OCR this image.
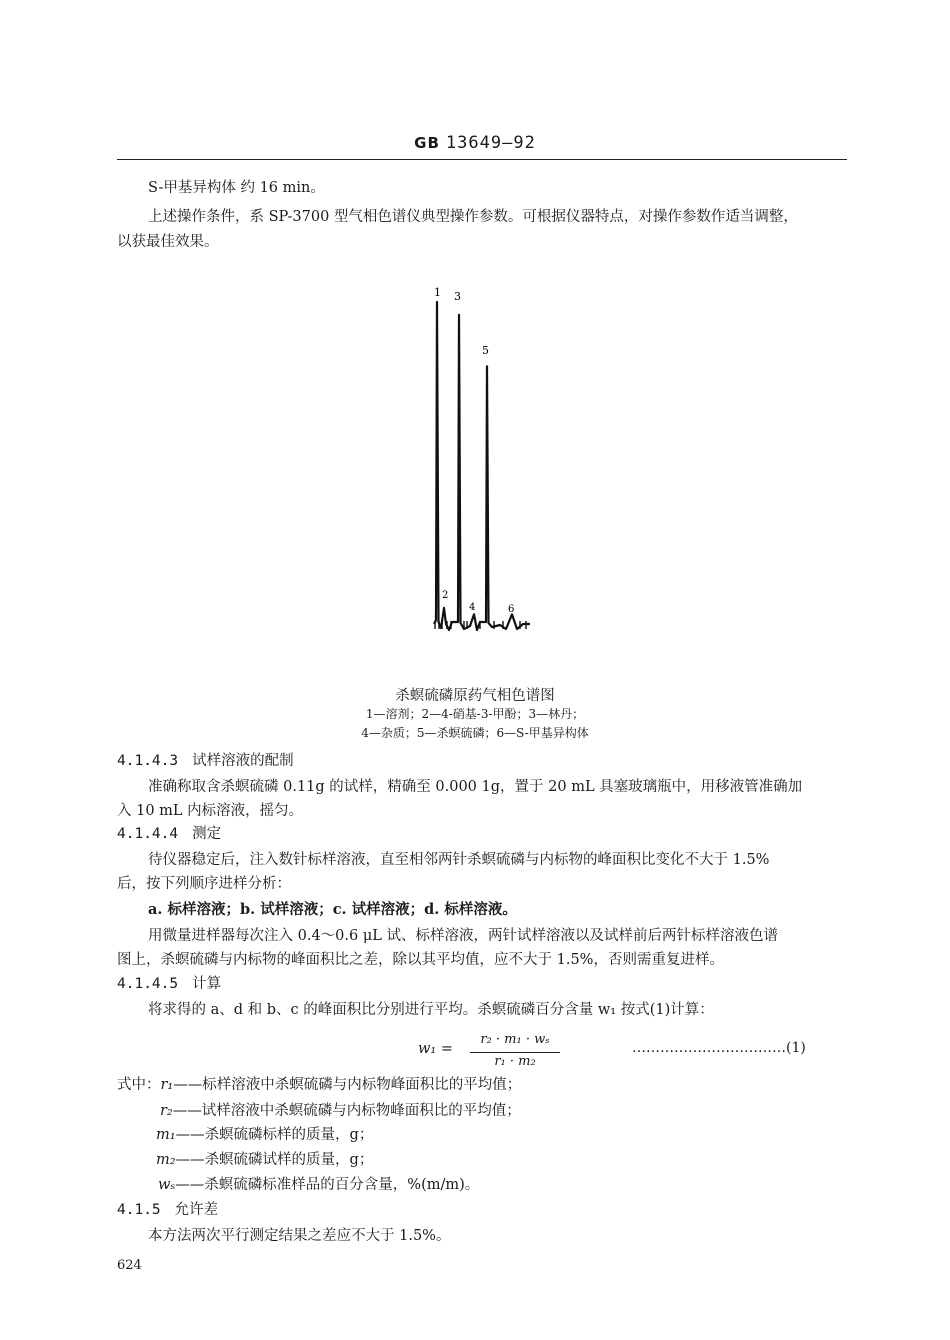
GB 13649—92
S-甲基异构体 约 16 min。
上述操作条件，系 SP-3700 型气相色谱仪典型操作参数。可根据仪器特点，对操作参数作适当调整，
以获最佳效果。
1 3
5
2
4	6
杀螟硫磷原药气相色谱图
1—溶剂；2—4-硝基-3-甲酚；3—林丹；
4—杂质；5—杀螟硫磷；6—S-甲基异构体
4.1.4.3 试样溶液的配制
准确称取含杀螟硫磷 0.11g 的试样，精确至 0.000 1g，置于 20 mL 具塞玻璃瓶中，用移液管准确加
入 10 mL 内标溶液，摇匀。
4.1.4.4 测定
待仪器稳定后，注入数针标样溶液，直至相邻两针杀螟硫磷与内标物的峰面积比变化不大于 1.5%
后，按下列顺序进样分析：
a. 标样溶液；b. 试样溶液；c. 试样溶液；d. 标样溶液。
用微量进样器每次注入 0.4～0.6 μL 试、标样溶液，两针试样溶液以及试样前后两针标样溶液色谱
图上，杀螟硫磷与内标物的峰面积比之差，除以其平均值，应不大于 1.5%，否则需重复进样。
4.1.4.5 计算
将求得的 a、d 和 b、c 的峰面积比分别进行平均。杀螟硫磷百分含量 w₁ 按式(1)计算：
w₁ =
r₂ · m₁ · wₛ
r₁ · m₂
……………………………(1)
式中：r₁——标样溶液中杀螟硫磷与内标物峰面积比的平均值；
r₂——试样溶液中杀螟硫磷与内标物峰面积比的平均值；
m₁——杀螟硫磷标样的质量，g；
m₂——杀螟硫磷试样的质量，g；
wₛ——杀螟硫磷标准样品的百分含量，%(m/m)。
4.1.5 允许差
本方法两次平行测定结果之差应不大于 1.5%。
624
